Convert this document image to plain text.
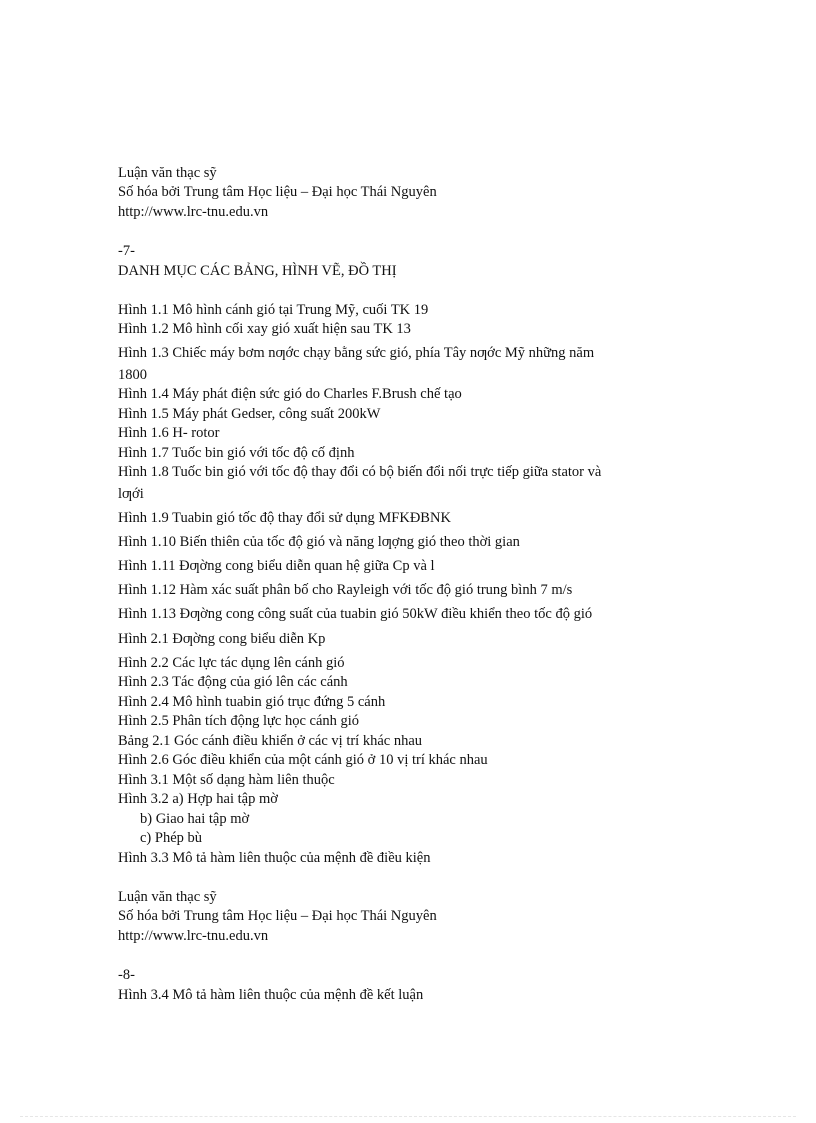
Luận văn thạc sỹ
Số hóa bởi Trung tâm Học liệu – Đại học Thái Nguyên
http://www.lrc-tnu.edu.vn
-7-
DANH MỤC CÁC BẢNG, HÌNH VẼ, ĐỒ THỊ
Hình 1.1 Mô hình cánh gió tại Trung Mỹ, cuối TK 19
Hình 1.2 Mô hình cối xay gió xuất hiện sau TK 13
Hình 1.3 Chiếc máy bơm nƣớc chạy bằng sức gió, phía Tây nƣớc Mỹ những năm
1800
Hình 1.4 Máy phát điện sức gió do Charles F.Brush chế tạo
Hình 1.5 Máy phát Gedser, công suất 200kW
Hình 1.6 H- rotor
Hình 1.7 Tuốc bin gió với tốc độ cố định
Hình 1.8 Tuốc bin gió với tốc độ thay đổi có bộ biến đổi nối trực tiếp giữa stator và
lƣới
Hình 1.9 Tuabin gió tốc độ thay đổi sử dụng MFKĐBNK
Hình 1.10 Biến thiên của tốc độ gió và năng lƣợng gió theo thời gian
Hình 1.11 Đƣờng cong biểu diễn quan hệ giữa Cp và l
Hình 1.12 Hàm xác suất phân bố cho Rayleigh với tốc độ gió trung bình 7 m/s
Hình 1.13 Đƣờng cong công suất của tuabin gió 50kW điều khiển theo tốc độ gió
Hình 2.1 Đƣờng cong biểu diễn Kp
Hình 2.2 Các lực tác dụng lên cánh gió
Hình 2.3 Tác động của gió lên các cánh
Hình 2.4 Mô hình tuabin gió trục đứng 5 cánh
Hình 2.5 Phân tích động lực học cánh gió
Bảng 2.1 Góc cánh điều khiển ở các vị trí khác nhau
Hình 2.6 Góc điều khiển của một cánh gió ở 10 vị trí khác nhau
Hình 3.1 Một số dạng hàm liên thuộc
Hình 3.2 a) Hợp hai tập mờ
b) Giao hai tập mờ
c) Phép bù
Hình 3.3 Mô tả hàm liên thuộc của mệnh đề điều kiện
Luận văn thạc sỹ
Số hóa bởi Trung tâm Học liệu – Đại học Thái Nguyên
http://www.lrc-tnu.edu.vn
-8-
Hình 3.4 Mô tả hàm liên thuộc của mệnh đề kết luận
